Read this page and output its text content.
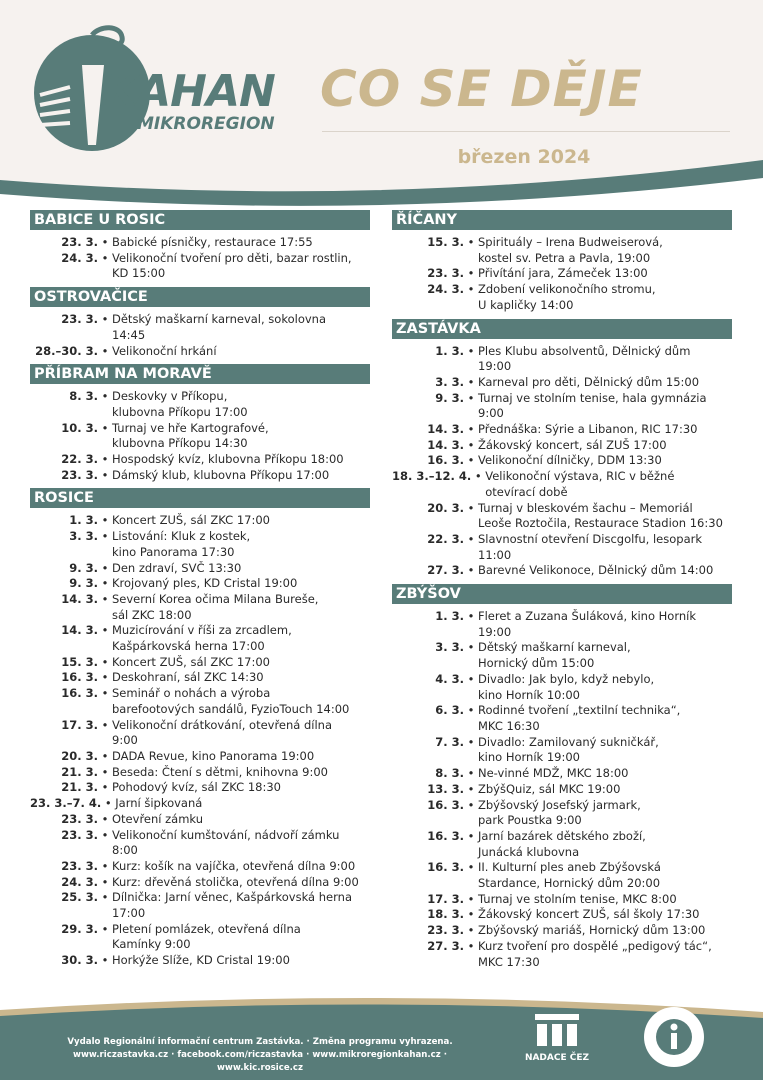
KAHAN
MIKROREGION
CO SE DĚJE
březen 2024
BABICE U ROSIC
23. 3. • Babické písničky, restaurace 17:55
24. 3. • Velikonoční tvoření pro děti, bazar rostlin,
KD 15:00
OSTROVAČICE
23. 3. • Dětský maškarní karneval, sokolovna
14:45
28.–30. 3. • Velikonoční hrkání
PŘÍBRAM NA MORAVĚ
8. 3. • Deskovky v Příkopu,
klubovna Příkopu 17:00
10. 3. • Turnaj ve hře Kartografové,
klubovna Příkopu 14:30
22. 3. • Hospodský kvíz, klubovna Příkopu 18:00
23. 3. • Dámský klub, klubovna Příkopu 17:00
ROSICE
1. 3. • Koncert ZUŠ, sál ZKC 17:00
3. 3. • Listování: Kluk z kostek,
kino Panorama 17:30
9. 3. • Den zdraví, SVČ 13:30
9. 3. • Krojovaný ples, KD Cristal 19:00
14. 3. • Severní Korea očima Milana Bureše,
sál ZKC 18:00
14. 3. • Muzicírování v říši za zrcadlem,
Kašpárkovská herna 17:00
15. 3. • Koncert ZUŠ, sál ZKC 17:00
16. 3. • Deskohraní, sál ZKC 14:30
16. 3. • Seminář o nohách a výroba
barefootových sandálů, FyzioTouch 14:00
17. 3. • Velikonoční drátkování, otevřená dílna
9:00
20. 3. • DADA Revue, kino Panorama 19:00
21. 3. • Beseda: Čtení s dětmi, knihovna 9:00
21. 3. • Pohodový kvíz, sál ZKC 18:30
23. 3.–7. 4. • Jarní šipkovaná
23. 3. • Otevření zámku
23. 3. • Velikonoční kumštování, nádvoří zámku
8:00
23. 3. • Kurz: košík na vajíčka, otevřená dílna 9:00
24. 3. • Kurz: dřevěná stolička, otevřená dílna 9:00
25. 3. • Dílnička: Jarní věnec, Kašpárkovská herna
17:00
29. 3. • Pletení pomlázek, otevřená dílna
Kamínky 9:00
30. 3. • Horkýže Slíže, KD Cristal 19:00
ŘÍČANY
15. 3. • Spirituály – Irena Budweiserová,
kostel sv. Petra a Pavla, 19:00
23. 3. • Přivítání jara, Zámeček 13:00
24. 3. • Zdobení velikonočního stromu,
U kapličky 14:00
ZASTÁVKA
1. 3. • Ples Klubu absolventů, Dělnický dům
19:00
3. 3. • Karneval pro děti, Dělnický dům 15:00
9. 3. • Turnaj ve stolním tenise, hala gymnázia
9:00
14. 3. • Přednáška: Sýrie a Libanon, RIC 17:30
14. 3. • Žákovský koncert, sál ZUŠ 17:00
16. 3. • Velikonoční dílničky, DDM 13:30
18. 3.–12. 4. • Velikonoční výstava, RIC v běžné
otevírací době
20. 3. • Turnaj v bleskovém šachu – Memoriál
Leoše Roztočila, Restaurace Stadion 16:30
22. 3. • Slavnostní otevření Discgolfu, lesopark 11:00
27. 3. • Barevné Velikonoce, Dělnický dům 14:00
ZBÝŠOV
1. 3. • Fleret a Zuzana Šuláková, kino Horník
19:00
3. 3. • Dětský maškarní karneval,
Hornický dům 15:00
4. 3. • Divadlo: Jak bylo, když nebylo,
kino Horník 10:00
6. 3. • Rodinné tvoření „textilní technika“,
MKC 16:30
7. 3. • Divadlo: Zamilovaný sukničkář,
kino Horník 19:00
8. 3. • Ne-vinné MDŽ, MKC 18:00
13. 3. • ZbýšQuiz, sál MKC 19:00
16. 3. • Zbýšovský Josefský jarmark,
park Poustka 9:00
16. 3. • Jarní bazárek dětského zboží,
Junácká klubovna
16. 3. • II. Kulturní ples aneb Zbýšovská
Stardance, Hornický dům 20:00
17. 3. • Turnaj ve stolním tenise, MKC 8:00
18. 3. • Žákovský koncert ZUŠ, sál školy 17:30
23. 3. • Zbýšovský mariáš, Hornický dům 13:00
27. 3. • Kurz tvoření pro dospělé „pedigový tác“,
MKC 17:30
Vydalo Regionální informační centrum Zastávka. · Změna programu vyhrazena.
www.riczastavka.cz · facebook.com/riczastavka · www.mikroregionkahan.cz · www.kic.rosice.cz
NADACE ČEZ
